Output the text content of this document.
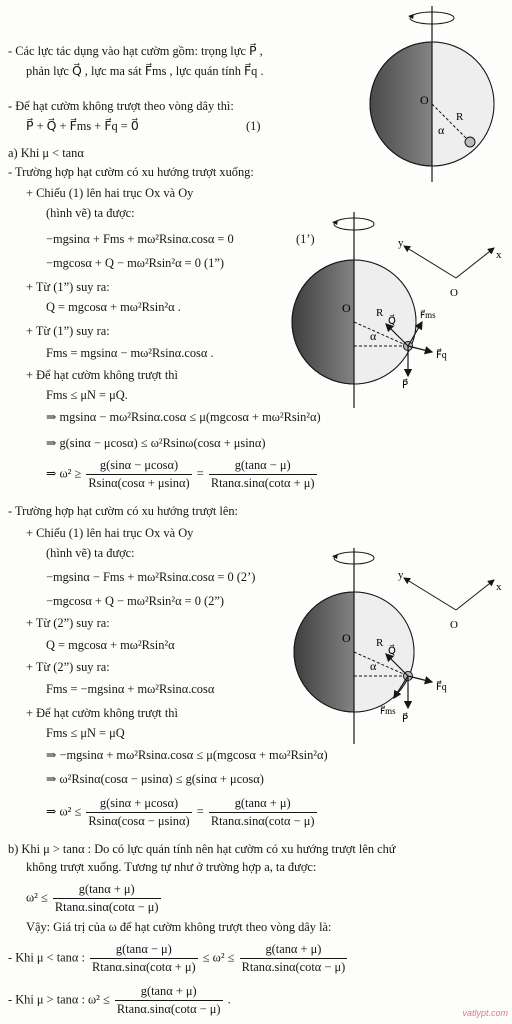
- Các lực tác dụng vào hạt cườm gồm: trọng lực P⃗ ,
phản lực Q⃗ , lực ma sát F⃗ms , lực quán tính F⃗q .
- Để hạt cườm không trượt theo vòng dây thì:
P⃗ + Q⃗ + F⃗ms + F⃗q = 0⃗	(1)
a) Khi μ < tanα
- Trường hợp hạt cườm có xu hướng trượt xuống:
+ Chiếu (1) lên hai trục Ox và Oy
(hình vẽ) ta được:
−mgsinα + Fms + mω²Rsinα.cosα = 0	(1’)
−mgcosα + Q − mω²Rsin²α = 0 (1”)
+ Từ (1”) suy ra:
Q = mgcosα + mω²Rsin²α .
+ Từ (1”) suy ra:
Fms = mgsinα − mω²Rsinα.cosα .
+ Để hạt cườm không trượt thì
Fms ≤ μN = μQ.
⇒ mgsinα − mω²Rsinα.cosα ≤ μ(mgcosα + mω²Rsin²α)
⇒ g(sinα − μcosα) ≤ ω²Rsinω(cosα + μsinα)
⇒ $\omega^2 \ge \frac{g(\sin\alpha - \mu\cos\alpha)}{Rsin\alpha(\cos\alpha + \mu\sin\alpha)} = \frac{g(\tan\alpha - \mu)}{Rtan\alpha.\sin\alpha(\cot\alpha + \mu)}$
- Trường hợp hạt cườm có xu hướng trượt lên:
+ Chiếu (1) lên hai trục Ox và Oy
(hình vẽ) ta được:
−mgsinα − Fms + mω²Rsinα.cosα = 0 (2’)
−mgcosα + Q − mω²Rsin²α = 0 (2”)
+ Từ (2”) suy ra:
Q = mgcosα + mω²Rsin²α
+ Từ (2”) suy ra:
Fms = −mgsinα + mω²Rsinα.cosα
+ Để hạt cườm không trượt thì
Fms ≤ μN = μQ
⇒ −mgsinα + mω²Rsinα.cosα ≤ μ(mgcosα + mω²Rsin²α)
⇒ ω²Rsinα(cosα − μsinα) ≤ g(sinα + μcosα)
⇒ $\omega^2 \le \frac{g(\sin\alpha + \mu\cos\alpha)}{Rsin\alpha(\cos\alpha - \mu\sin\alpha)} = \frac{g(\tan\alpha + \mu)}{Rtan\alpha.\sin\alpha(\cot\alpha - \mu)}$
b) Khi μ > tanα : Do có lực quán tính nên hạt cườm có xu hướng trượt lên chứ
không trượt xuống. Tương tự như ở trường hợp a, ta được:
$\omega^2 \le \frac{g(\tan\alpha + \mu)}{Rtan\alpha.\sin\alpha(\cot\alpha - \mu)}$
Vậy: Giá trị của ω để hạt cườm không trượt theo vòng dây là:
- Khi μ < tanα : $\frac{g(\tan\alpha - \mu)}{Rtan\alpha.\sin\alpha(\cot\alpha + \mu)} \le \omega^2 \le \frac{g(\tan\alpha + \mu)}{Rtan\alpha.\sin\alpha(\cot\alpha - \mu)}$
- Khi μ > tanα : $\omega^2 \le \frac{g(\tan\alpha + \mu)}{Rtan\alpha.\sin\alpha(\cot\alpha - \mu)}$ .
vatlypt.com
O
R
α
O R
α
Q⃗
F⃗ms
F⃗q
P⃗
y
x
O
O R
α
Q⃗
F⃗ms
F⃗q
P⃗
y
x
O
